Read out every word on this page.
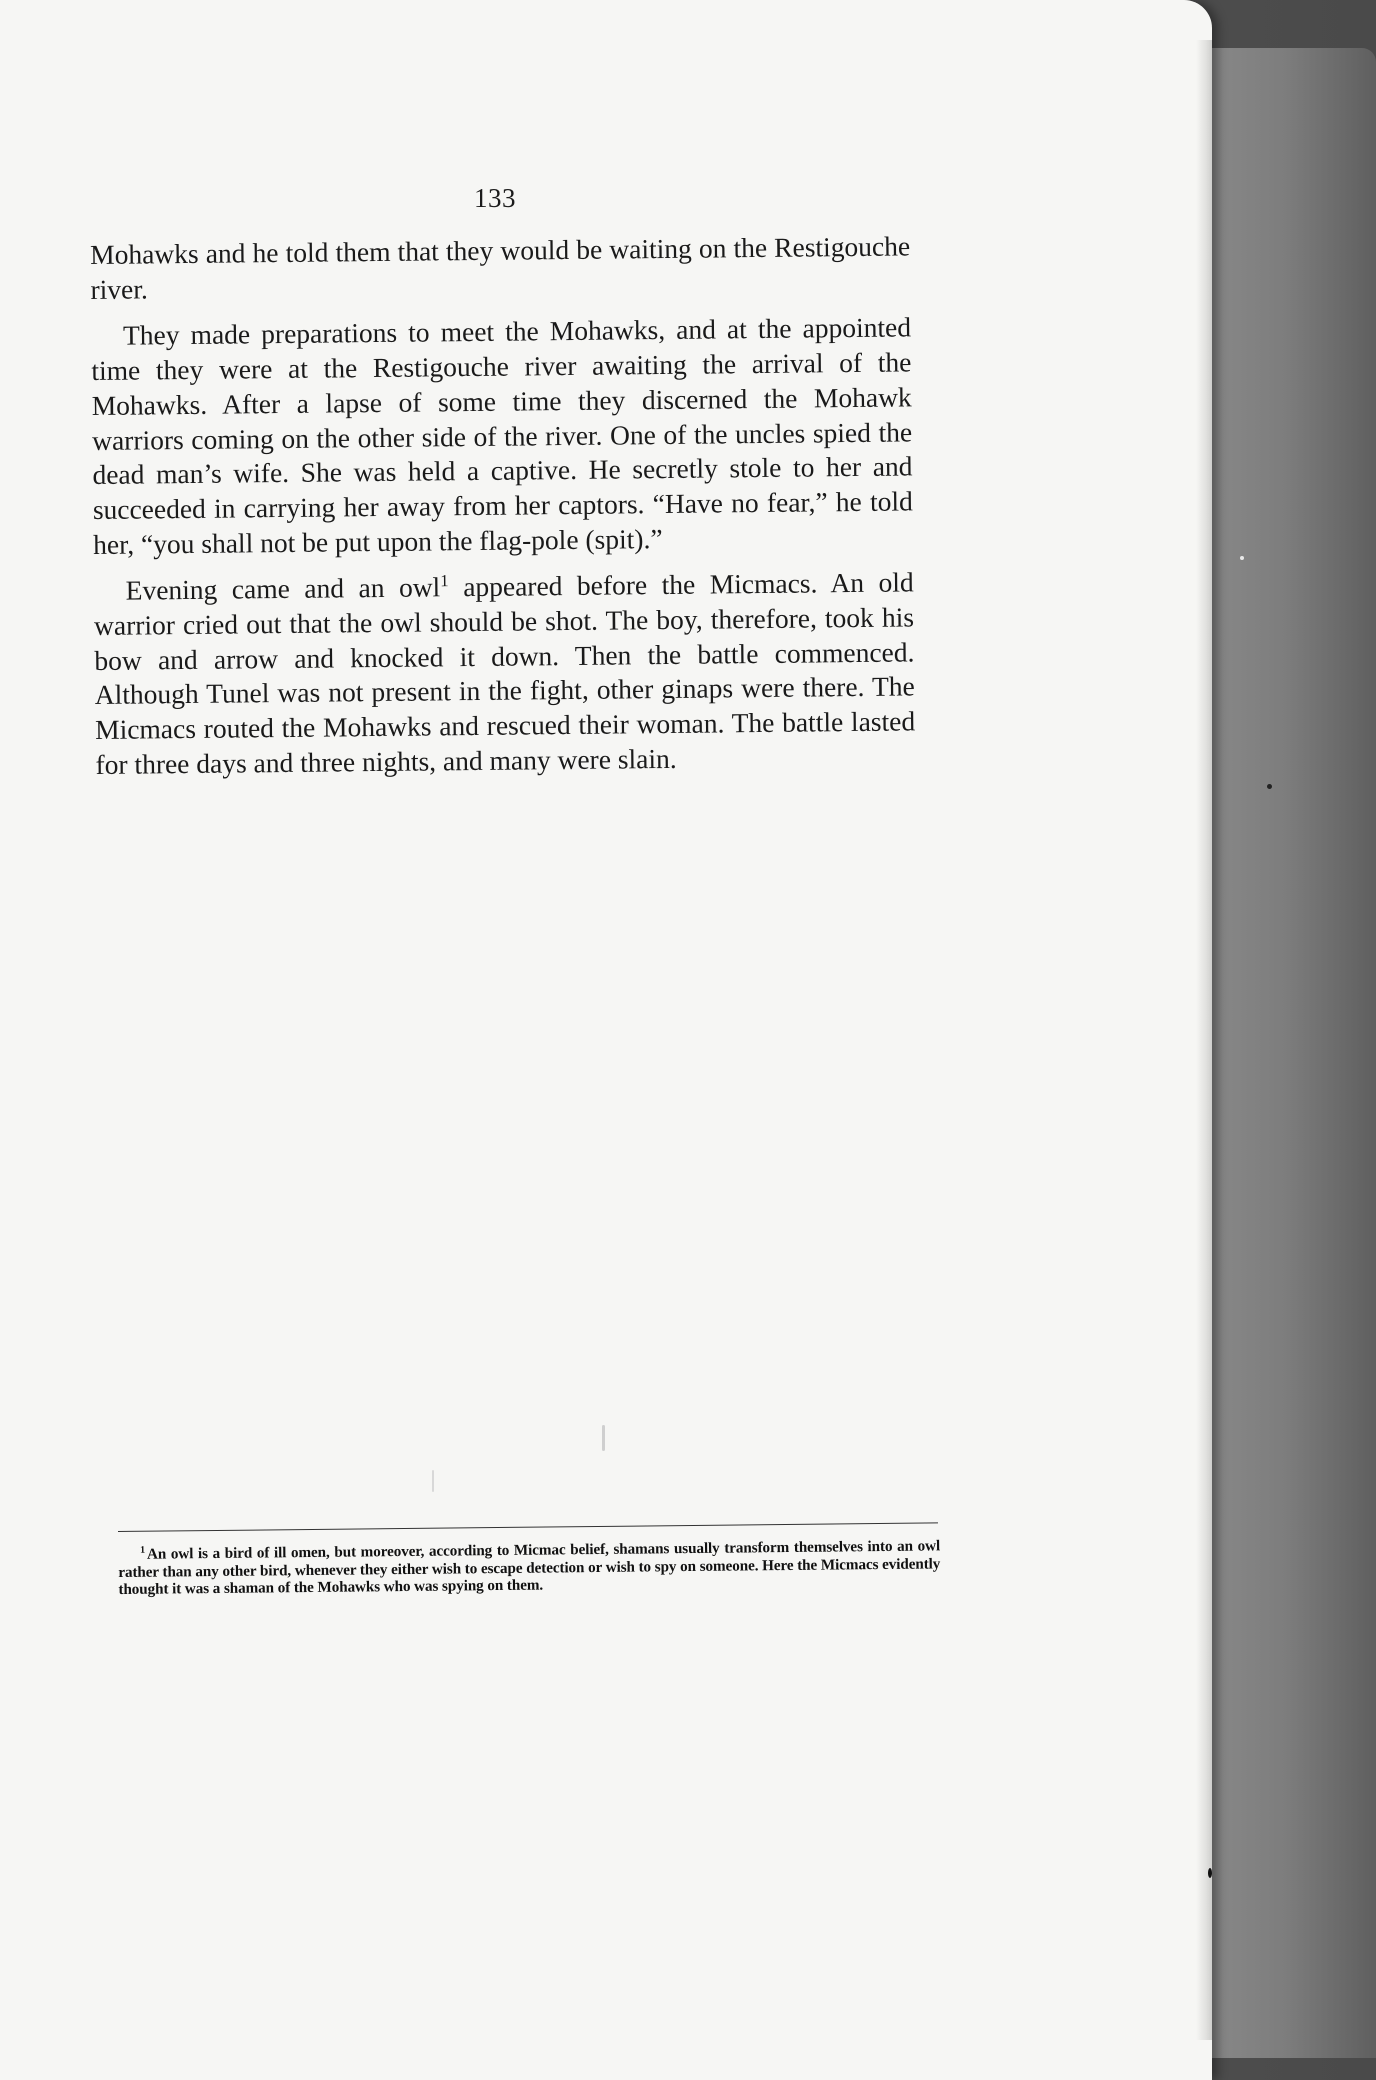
133

Mohawks and he told them that they would be waiting on the Restigouche river.

They made preparations to meet the Mohawks, and at the appointed time they were at the Restigouche river awaiting the arrival of the Mohawks. After a lapse of some time they discerned the Mohawk warriors coming on the other side of the river. One of the uncles spied the dead man’s wife. She was held a captive. He secretly stole to her and succeeded in carrying her away from her captors. “Have no fear,” he told her, “you shall not be put upon the flag-pole (spit).”

Evening came and an owl$^1$ appeared before the Micmacs. An old warrior cried out that the owl should be shot. The boy, therefore, took his bow and arrow and knocked it down. Then the battle commenced. Although Tunel was not present in the fight, other ginaps were there. The Micmacs routed the Mohawks and rescued their woman. The battle lasted for three days and three nights, and many were slain.

$^1$ An owl is a bird of ill omen, but moreover, according to Micmac belief, shamans usually transform themselves into an owl rather than any other bird, whenever they either wish to escape detection or wish to spy on someone. Here the Micmacs evidently thought it was a shaman of the Mohawks who was spying on them.
